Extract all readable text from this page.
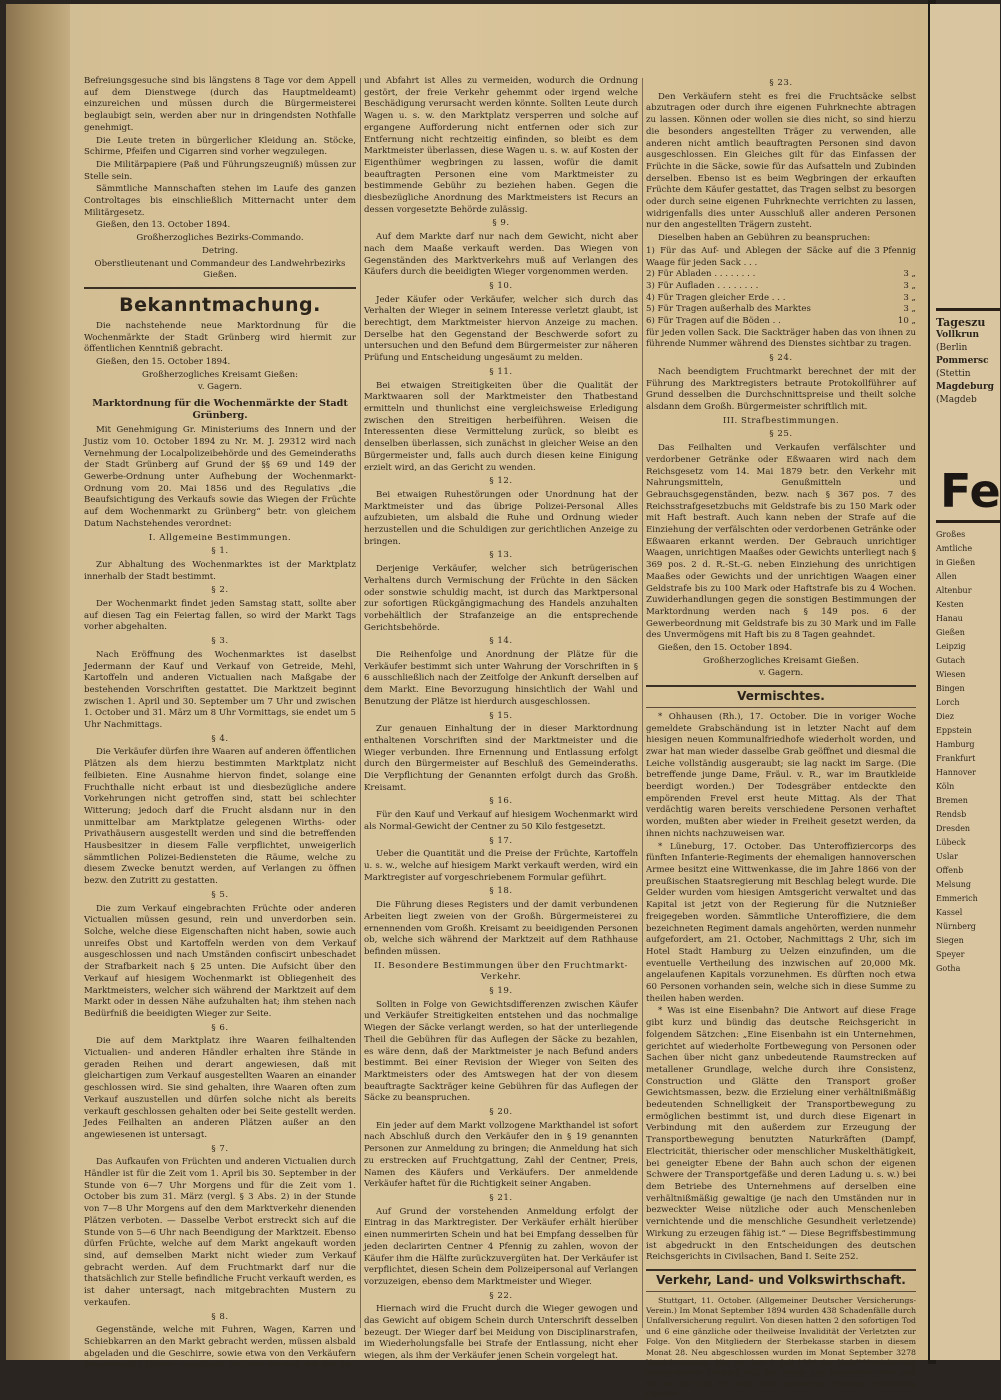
Befreiungsgesuche sind bis längstens 8 Tage vor dem Appell auf dem Dienstwege (durch das Hauptmeldeamt) einzureichen und müssen durch die Bürgermeisterei beglaubigt sein, werden aber nur in dringendsten Nothfalle genehmigt.

Die Leute treten in bürgerlicher Kleidung an. Stöcke, Schirme, Pfeifen und Cigarren sind vorher wegzulegen.

Die Militärpapiere (Paß und Führungszeugniß) müssen zur Stelle sein.

Sämmtliche Mannschaften stehen im Laufe des ganzen Controltages bis einschließlich Mitternacht unter dem Militärgesetz.

Gießen, den 13. October 1894.

Großherzogliches Bezirks-Commando.

Detring.

Oberstlieutenant und Commandeur des Landwehrbezirks Gießen.

Bekanntmachung.

Die nachstehende neue Marktordnung für die Wochenmärkte der Stadt Grünberg wird hiermit zur öffentlichen Kenntniß gebracht.

Gießen, den 15. October 1894.

Großherzogliches Kreisamt Gießen:

v. Gagern.

Marktordnung für die Wochenmärkte der Stadt Grünberg.

Mit Genehmigung Gr. Ministeriums des Innern und der Justiz vom 10. October 1894 zu Nr. M. J. 29312 wird nach Vernehmung der Localpolizeibehörde und des Gemeinderaths der Stadt Grünberg auf Grund der §§ 69 und 149 der Gewerbe-Ordnung unter Aufhebung der Wochenmarkt-Ordnung vom 20. Mai 1856 und des Regulativs „die Beaufsichtigung des Verkaufs sowie das Wiegen der Früchte auf dem Wochenmarkt zu Grünberg“ betr. von gleichem Datum Nachstehendes verordnet:

I. Allgemeine Bestimmungen.

§ 1.

Zur Abhaltung des Wochenmarktes ist der Marktplatz innerhalb der Stadt bestimmt.

§ 2.

Der Wochenmarkt findet jeden Samstag statt, sollte aber auf diesen Tag ein Feiertag fallen, so wird der Markt Tags vorher abgehalten.

§ 3.

Nach Eröffnung des Wochenmarktes ist daselbst Jedermann der Kauf und Verkauf von Getreide, Mehl, Kartoffeln und anderen Victualien nach Maßgabe der bestehenden Vorschriften gestattet. Die Marktzeit beginnt zwischen 1. April und 30. September um 7 Uhr und zwischen 1. October und 31. März um 8 Uhr Vormittags, sie endet um 5 Uhr Nachmittags.

§ 4.

Die Verkäufer dürfen ihre Waaren auf anderen öffentlichen Plätzen als dem hierzu bestimmten Marktplatz nicht feilbieten. Eine Ausnahme hiervon findet, solange eine Fruchthalle nicht erbaut ist und diesbezügliche andere Vorkehrungen nicht getroffen sind, statt bei schlechter Witterung; jedoch darf die Frucht alsdann nur in den unmittelbar am Marktplatze gelegenen Wirths- oder Privathäusern ausgestellt werden und sind die betreffenden Hausbesitzer in diesem Falle verpflichtet, unweigerlich sämmtlichen Polizei-Bediensteten die Räume, welche zu diesem Zwecke benutzt werden, auf Verlangen zu öffnen bezw. den Zutritt zu gestatten.

§ 5.

Die zum Verkauf eingebrachten Früchte oder anderen Victualien müssen gesund, rein und unverdorben sein. Solche, welche diese Eigenschaften nicht haben, sowie auch unreifes Obst und Kartoffeln werden von dem Verkauf ausgeschlossen und nach Umständen confiscirt unbeschadet der Strafbarkeit nach § 25 unten. Die Aufsicht über den Verkauf auf hiesigem Wochenmarkt ist Obliegenheit des Marktmeisters, welcher sich während der Marktzeit auf dem Markt oder in dessen Nähe aufzuhalten hat; ihm stehen nach Bedürfniß die beeidigten Wieger zur Seite.

§ 6.

Die auf dem Marktplatz ihre Waaren feilhaltenden Victualien- und anderen Händler erhalten ihre Stände in geraden Reihen und derart angewiesen, daß mit gleichartigen zum Verkauf ausgestellten Waaren an einander geschlossen wird. Sie sind gehalten, ihre Waaren often zum Verkauf auszustellen und dürfen solche nicht als bereits verkauft geschlossen gehalten oder bei Seite gestellt werden. Jedes Feilhalten an anderen Plätzen außer an den angewiesenen ist untersagt.

§ 7.

Das Aufkaufen von Früchten und anderen Victualien durch Händler ist für die Zeit vom 1. April bis 30. September in der Stunde von 6—7 Uhr Morgens und für die Zeit vom 1. October bis zum 31. März (vergl. § 3 Abs. 2) in der Stunde von 7—8 Uhr Morgens auf den dem Marktverkehr dienenden Plätzen verboten. — Dasselbe Verbot erstreckt sich auf die Stunde von 5—6 Uhr nach Beendigung der Marktzeit. Ebenso dürfen Früchte, welche auf dem Markt angekauft worden sind, auf demselben Markt nicht wieder zum Verkauf gebracht werden. Auf dem Fruchtmarkt darf nur die thatsächlich zur Stelle befindliche Frucht verkauft werden, es ist daher untersagt, nach mitgebrachten Mustern zu verkaufen.

§ 8.

Gegenstände, welche mit Fuhren, Wagen, Karren und Schiebkarren an den Markt gebracht werden, müssen alsbald abgeladen und die Geschirre, sowie etwa von den Verkäufern mitgebrachte Hunde ungesäumt entfernt werden. Bei der An-

und Abfahrt ist Alles zu vermeiden, wodurch die Ordnung gestört, der freie Verkehr gehemmt oder irgend welche Beschädigung verursacht werden könnte. Sollten Leute durch Wagen u. s. w. den Marktplatz versperren und solche auf ergangene Aufforderung nicht entfernen oder sich zur Entfernung nicht rechtzeitig einfinden, so bleibt es dem Marktmeister überlassen, diese Wagen u. s. w. auf Kosten der Eigenthümer wegbringen zu lassen, wofür die damit beauftragten Personen eine vom Marktmeister zu bestimmende Gebühr zu beziehen haben. Gegen die diesbezügliche Anordnung des Marktmeisters ist Recurs an dessen vorgesetzte Behörde zulässig.

§ 9.

Auf dem Markte darf nur nach dem Gewicht, nicht aber nach dem Maaße verkauft werden. Das Wiegen von Gegenständen des Marktverkehrs muß auf Verlangen des Käufers durch die beeidigten Wieger vorgenommen werden.

§ 10.

Jeder Käufer oder Verkäufer, welcher sich durch das Verhalten der Wieger in seinem Interesse verletzt glaubt, ist berechtigt, dem Marktmeister hiervon Anzeige zu machen. Derselbe hat den Gegenstand der Beschwerde sofort zu untersuchen und den Befund dem Bürgermeister zur näheren Prüfung und Entscheidung ungesäumt zu melden.

§ 11.

Bei etwaigen Streitigkeiten über die Qualität der Marktwaaren soll der Marktmeister den Thatbestand ermitteln und thunlichst eine vergleichsweise Erledigung zwischen den Streitigen herbeiführen. Weisen die Interessenten diese Vermittelung zurück, so bleibt es denselben überlassen, sich zunächst in gleicher Weise an den Bürgermeister und, falls auch durch diesen keine Einigung erzielt wird, an das Gericht zu wenden.

§ 12.

Bei etwaigen Ruhestörungen oder Unordnung hat der Marktmeister und das übrige Polizei-Personal Alles aufzubieten, um alsbald die Ruhe und Ordnung wieder herzustellen und die Schuldigen zur gerichtlichen Anzeige zu bringen.

§ 13.

Derjenige Verkäufer, welcher sich betrügerischen Verhaltens durch Vermischung der Früchte in den Säcken oder sonstwie schuldig macht, ist durch das Marktpersonal zur sofortigen Rückgängigmachung des Handels anzuhalten vorbehältlich der Strafanzeige an die entsprechende Gerichtsbehörde.

§ 14.

Die Reihenfolge und Anordnung der Plätze für die Verkäufer bestimmt sich unter Wahrung der Vorschriften in § 6 ausschließlich nach der Zeitfolge der Ankunft derselben auf dem Markt. Eine Bevorzugung hinsichtlich der Wahl und Benutzung der Plätze ist hierdurch ausgeschlossen.

§ 15.

Zur genauen Einhaltung der in dieser Marktordnung enthaltenen Vorschriften sind der Marktmeister und die Wieger verbunden. Ihre Ernennung und Entlassung erfolgt durch den Bürgermeister auf Beschluß des Gemeinderaths. Die Verpflichtung der Genannten erfolgt durch das Großh. Kreisamt.

§ 16.

Für den Kauf und Verkauf auf hiesigem Wochenmarkt wird als Normal-Gewicht der Centner zu 50 Kilo festgesetzt.

§ 17.

Ueber die Quantität und die Preise der Früchte, Kartoffeln u. s. w., welche auf hiesigem Markt verkauft werden, wird ein Marktregister auf vorgeschriebenem Formular geführt.

§ 18.

Die Führung dieses Registers und der damit verbundenen Arbeiten liegt zweien von der Großh. Bürgermeisterei zu ernennenden vom Großh. Kreisamt zu beeidigenden Personen ob, welche sich während der Marktzeit auf dem Rathhause befinden müssen.

II. Besondere Bestimmungen über den Fruchtmarkt-Verkehr.

§ 19.

Sollten in Folge von Gewichtsdifferenzen zwischen Käufer und Verkäufer Streitigkeiten entstehen und das nochmalige Wiegen der Säcke verlangt werden, so hat der unterliegende Theil die Gebühren für das Auflegen der Säcke zu bezahlen, es wäre denn, daß der Marktmeister je nach Befund anders bestimmt. Bei einer Revision der Wieger von Seiten des Marktmeisters oder des Amtswegen hat der von diesem beauftragte Sackträger keine Gebühren für das Auflegen der Säcke zu beanspruchen.

§ 20.

Ein jeder auf dem Markt vollzogene Markthandel ist sofort nach Abschluß durch den Verkäufer den in § 19 genannten Personen zur Anmeldung zu bringen; die Anmeldung hat sich zu erstrecken auf Fruchtgattung, Zahl der Centner, Preis, Namen des Käufers und Verkäufers. Der anmeldende Verkäufer haftet für die Richtigkeit seiner Angaben.

§ 21.

Auf Grund der vorstehenden Anmeldung erfolgt der Eintrag in das Marktregister. Der Verkäufer erhält hierüber einen nummerirten Schein und hat bei Empfang desselben für jeden declarirten Centner 4 Pfennig zu zahlen, wovon der Käufer ihm die Hälfte zurückzuvergüten hat. Der Verkäufer ist verpflichtet, diesen Schein dem Polizeipersonal auf Verlangen vorzuzeigen, ebenso dem Marktmeister und Wieger.

§ 22.

Hiernach wird die Frucht durch die Wieger gewogen und das Gewicht auf obigem Schein durch Unterschrift desselben bezeugt. Der Wieger darf bei Meidung von Disciplinarstrafen, im Wiederholungsfalle bei Strafe der Entlassung, nicht eher wiegen, als ihm der Verkäufer jenen Schein vorgelegt hat.

§ 23.

Den Verkäufern steht es frei die Fruchtsäcke selbst abzutragen oder durch ihre eigenen Fuhrknechte abtragen zu lassen. Können oder wollen sie dies nicht, so sind hierzu die besonders angestellten Träger zu verwenden, alle anderen nicht amtlich beauftragten Personen sind davon ausgeschlossen. Ein Gleiches gilt für das Einfassen der Früchte in die Säcke, sowie für das Aufsatteln und Zubinden derselben. Ebenso ist es beim Wegbringen der erkauften Früchte dem Käufer gestattet, das Tragen selbst zu besorgen oder durch seine eigenen Fuhrknechte verrichten zu lassen, widrigenfalls dies unter Ausschluß aller anderen Personen nur den angestellten Trägern zusteht.

Dieselben haben an Gebühren zu beanspruchen:

1) Für das Auf- und Ablegen der Säcke auf die Waage für jeden Sack . . .	3 Pfennig
2) Für Abladen . . . . . . . .	3 „
3) Für Aufladen . . . . . . . .	3 „
4) Für Tragen gleicher Erde . . .	3 „
5) Für Tragen außerhalb des Marktes	3 „
6) Für Tragen auf die Böden . .	10 „

für jeden vollen Sack. Die Sackträger haben das von ihnen zu führende Nummer während des Dienstes sichtbar zu tragen.

§ 24.

Nach beendigtem Fruchtmarkt berechnet der mit der Führung des Marktregisters betraute Protokollführer auf Grund desselben die Durchschnittspreise und theilt solche alsdann dem Großh. Bürgermeister schriftlich mit.

III. Strafbestimmungen.

§ 25.

Das Feilhalten und Verkaufen verfälschter und verdorbener Getränke oder Eßwaaren wird nach dem Reichsgesetz vom 14. Mai 1879 betr. den Verkehr mit Nahrungsmitteln, Genußmitteln und Gebrauchsgegenständen, bezw. nach § 367 pos. 7 des Reichsstrafgesetzbuchs mit Geldstrafe bis zu 150 Mark oder mit Haft bestraft. Auch kann neben der Strafe auf die Einziehung der verfälschten oder verdorbenen Getränke oder Eßwaaren erkannt werden. Der Gebrauch unrichtiger Waagen, unrichtigen Maaßes oder Gewichts unterliegt nach § 369 pos. 2 d. R.-St.-G. neben Einziehung des unrichtigen Maaßes oder Gewichts und der unrichtigen Waagen einer Geldstrafe bis zu 100 Mark oder Haftstrafe bis zu 4 Wochen. Zuwiderhandlungen gegen die sonstigen Bestimmungen der Marktordnung werden nach § 149 pos. 6 der Gewerbeordnung mit Geldstrafe bis zu 30 Mark und im Falle des Unvermögens mit Haft bis zu 8 Tagen geahndet.

Gießen, den 15. October 1894.

Großherzogliches Kreisamt Gießen.

v. Gagern.

Vermischtes.

* Ohhausen (Rh.), 17. October. Die in voriger Woche gemeldete Grabschändung ist in letzter Nacht auf dem hiesigen neuen Kommunalfriedhofe wiederholt worden, und zwar hat man wieder dasselbe Grab geöffnet und diesmal die Leiche vollständig ausgeraubt; sie lag nackt im Sarge. (Die betreffende junge Dame, Fräul. v. R., war im Brautkleide beerdigt worden.) Der Todesgräber entdeckte den empörenden Frevel erst heute Mittag. Als der That verdächtig waren bereits verschiedene Personen verhaftet worden, mußten aber wieder in Freiheit gesetzt werden, da ihnen nichts nachzuweisen war.

* Lüneburg, 17. October. Das Unteroffiziercorps des fünften Infanterie-Regiments der ehemaligen hannoverschen Armee besitzt eine Wittwenkasse, die im Jahre 1866 von der preußischen Staatsregierung mit Beschlag belegt wurde. Die Gelder wurden vom hiesigen Amtsgericht verwaltet und das Kapital ist jetzt von der Regierung für die Nutznießer freigegeben worden. Sämmtliche Unteroffiziere, die dem bezeichneten Regiment damals angehörten, werden nunmehr aufgefordert, am 21. October, Nachmittags 2 Uhr, sich im Hotel Stadt Hamburg zu Uelzen einzufinden, um die eventuelle Vertheilung des inzwischen auf 20,000 Mk. angelaufenen Kapitals vorzunehmen. Es dürften noch etwa 60 Personen vorhanden sein, welche sich in diese Summe zu theilen haben werden.

* Was ist eine Eisenbahn? Die Antwort auf diese Frage gibt kurz und bündig das deutsche Reichsgericht in folgendem Sätzchen: „Eine Eisenbahn ist ein Unternehmen, gerichtet auf wiederholte Fortbewegung von Personen oder Sachen über nicht ganz unbedeutende Raumstrecken auf metallener Grundlage, welche durch ihre Consistenz, Construction und Glätte den Transport großer Gewichtsmassen, bezw. die Erzielung einer verhältnißmäßig bedeutenden Schnelligkeit der Transportbewegung zu ermöglichen bestimmt ist, und durch diese Eigenart in Verbindung mit den außerdem zur Erzeugung der Transportbewegung benutzten Naturkräften (Dampf, Electricität, thierischer oder menschlicher Muskelthätigkeit, bei geneigter Ebene der Bahn auch schon der eigenen Schwere der Transportgefäße und deren Ladung u. s. w.) bei dem Betriebe des Unternehmens auf derselben eine verhältnißmäßig gewaltige (je nach den Umständen nur in bezweckter Weise nützliche oder auch Menschenleben vernichtende und die menschliche Gesundheit verletzende) Wirkung zu erzeugen fähig ist.“ — Diese Begriffsbestimmung ist abgedruckt in den Entscheidungen des deutschen Reichsgerichts in Civilsachen, Band I. Seite 252.

Verkehr, Land- und Volkswirthschaft.

Stuttgart, 11. October. (Allgemeiner Deutscher Versicherungs-Verein.) Im Monat September 1894 wurden 438 Schadenfälle durch Unfallversicherung regulirt. Von diesen hatten 2 den sofortigen Tod und 6 eine gänzliche oder theilweise Invalidität der Verletzten zur Folge. Von den Mitgliedern der Sterbekasse starben in diesem Monat 28. Neu abgeschlossen wurden im Monat September 3278 Versicherungen. Alle vor dem 1. Juli 1894 der Unfall-Versicherung angemeldeten Schäden incl. der Todes- und Invaliditäts-Fälle sind bis auf die von 89 noch nicht genesenen Personen vollständig regulirt.

Tageszu
Vollkrun
(Berlin
Pommersc
(Stettin
Magdeburg
(Magdeb
Fe
Großes
Amtliche
in Gießen
Allen
Altenbur
Kesten
Hanau
Gießen
Leipzig
Gutach
Wiesen
Bingen
Lorch
Diez
Eppstein
Hamburg
Frankfurt
Hannover
Köln
Bremen
Rendsb
Dresden
Lübeck
Uslar
Offenb
Melsung
Emmerich
Kassel
Nürnberg
Siegen
Speyer
Gotha
